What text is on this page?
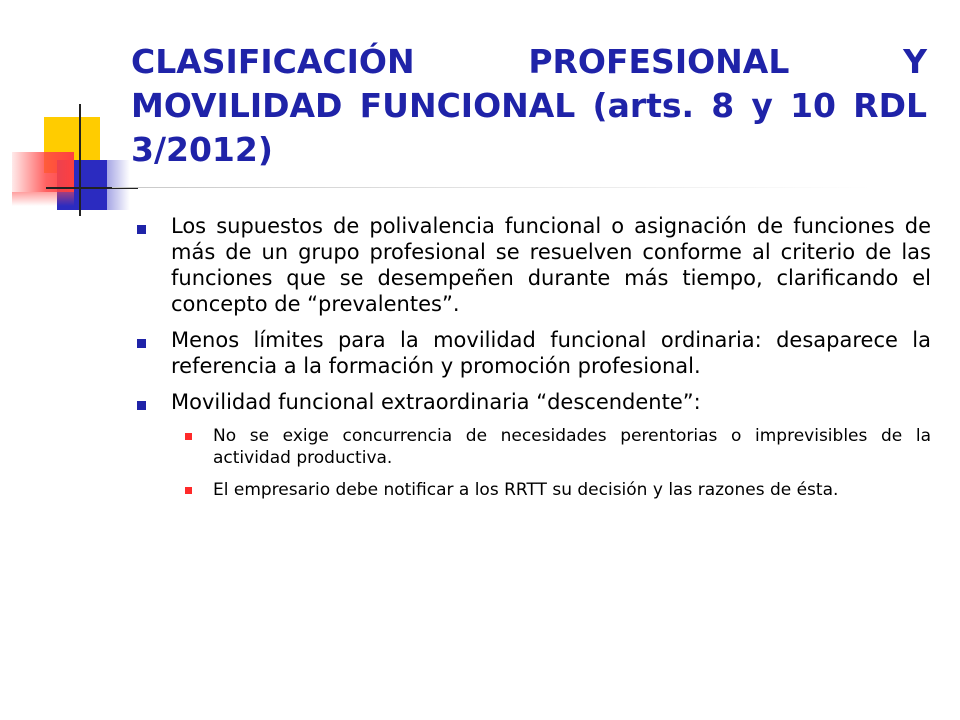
CLASIFICACIÓN PROFESIONAL Y MOVILIDAD FUNCIONAL (arts. 8 y 10 RDL 3/2012)
Los supuestos de polivalencia funcional o asignación de funciones de más de un grupo profesional se resuelven conforme al criterio de las funciones que se desempeñen durante más tiempo, clarificando el concepto de “prevalentes”.
Menos límites para la movilidad funcional ordinaria: desaparece la referencia a la formación y promoción profesional.
Movilidad funcional extraordinaria “descendente”:
No se exige concurrencia de necesidades perentorias o imprevisibles de la actividad productiva.
El empresario debe notificar a los RRTT su decisión y las razones de ésta.
